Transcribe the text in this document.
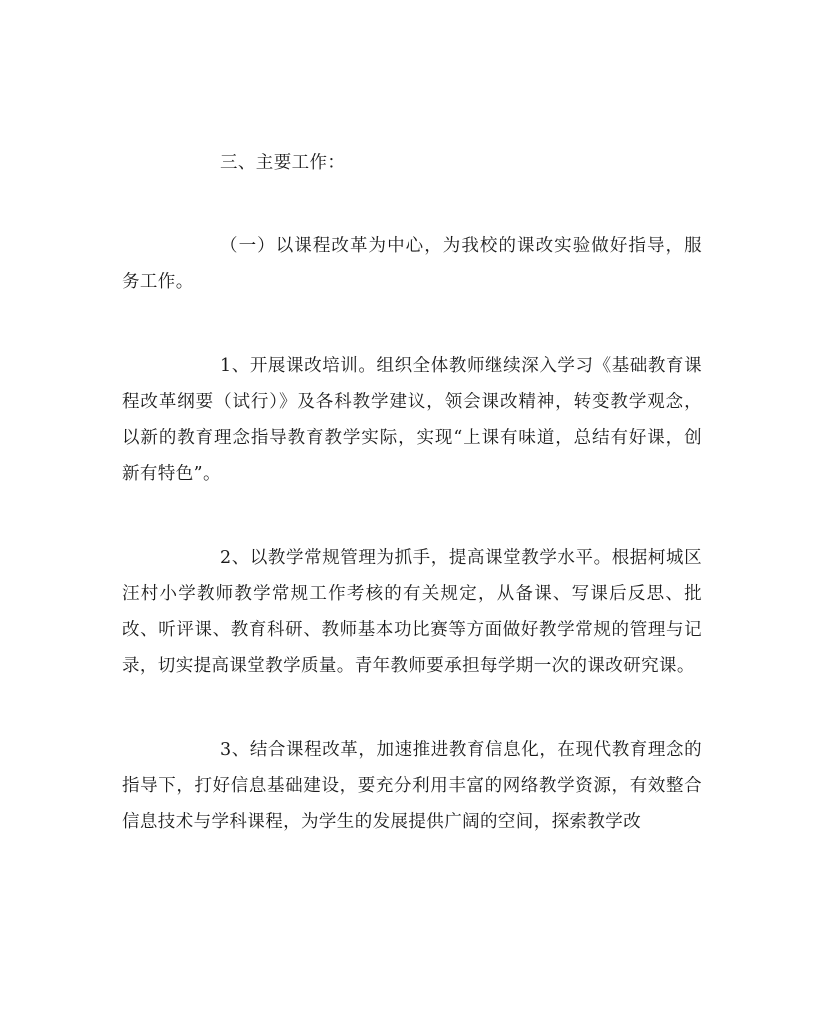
三、主要工作：

（一）以课程改革为中心，为我校的课改实验做好指导，服务工作。

1、开展课改培训。组织全体教师继续深入学习《基础教育课程改革纲要（试行）》及各科教学建议，领会课改精神，转变教学观念，以新的教育理念指导教育教学实际，实现“上课有味道，总结有好课，创新有特色”。

2、以教学常规管理为抓手，提高课堂教学水平。根据柯城区汪村小学教师教学常规工作考核的有关规定，从备课、写课后反思、批改、听评课、教育科研、教师基本功比赛等方面做好教学常规的管理与记录，切实提高课堂教学质量。青年教师要承担每学期一次的课改研究课。

3、结合课程改革，加速推进教育信息化，在现代教育理念的指导下，打好信息基础建设，要充分利用丰富的网络教学资源，有效整合信息技术与学科课程，为学生的发展提供广阔的空间，探索教学改
